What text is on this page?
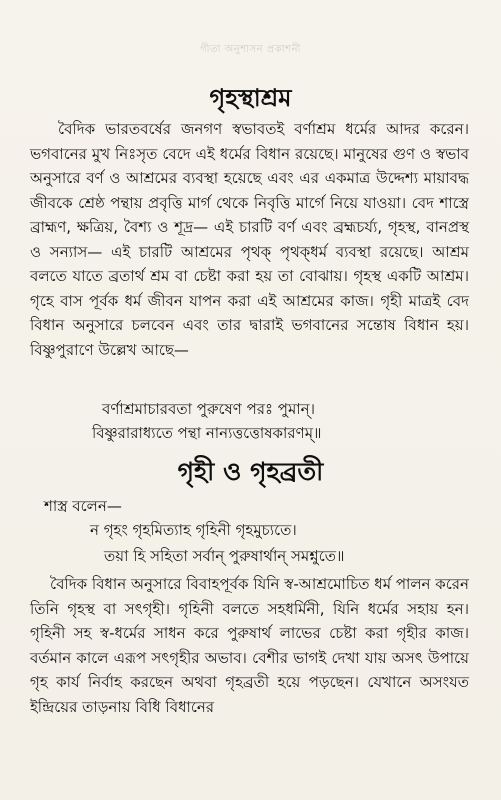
গীতা অনুশাসন প্রকাশনী
গৃহস্থাশ্রম

বৈদিক ভারতবর্ষের জনগণ স্বভাবতই বর্ণাশ্রম ধর্মের আদর করেন। ভগবানের মুখ নিঃসৃত বেদে এই ধর্মের বিধান রয়েছে। মানুষের গুণ ও স্বভাব অনুসারে বর্ণ ও আশ্রমের ব্যবস্থা হয়েছে এবং এর একমাত্র উদ্দেশ্য মায়াবদ্ধ জীবকে শ্রেষ্ঠ পন্থায় প্রবৃত্তি মার্গ থেকে নিবৃত্তি মার্গে নিয়ে যাওয়া। বেদ শাস্ত্রে ব্রাহ্মণ, ক্ষত্রিয়, বৈশ্য ও শূদ্র— এই চারটি বর্ণ এবং ব্রহ্মচর্য্য, গৃহস্থ, বানপ্রস্থ ও সন্যাস— এই চারটি আশ্রমের পৃথক্ পৃথক্ধর্ম ব্যবস্থা রয়েছে। আশ্রম বলতে যাতে ব্রতার্থ শ্রম বা চেষ্টা করা হয় তা বোঝায়। গৃহস্থ একটি আশ্রম। গৃহে বাস পূর্বক ধর্ম জীবন যাপন করা এই আশ্রমের কাজ। গৃহী মাত্রই বেদ বিধান অনুসারে চলবেন এবং তার দ্বারাই ভগবানের সন্তোষ বিধান হয়। বিষ্ণুপুরাণে উল্লেখ আছে—

বর্ণাশ্রমাচারবতা পুরুষেণ পরঃ পুমান্।
বিষ্ণুরারাধ্যতে পন্থা নান্যত্তত্তোষকারণম্॥
গৃহী ও গৃহব্রতী
শাস্ত্র বলেন—
ন গৃহং গৃহমিত্যাহ গৃহিনী গৃহমুচ্যতে।
তয়া হি সহিতা সর্বান্ পুরুষার্থান্ সমশ্নুতে॥

বৈদিক বিধান অনুসারে বিবাহপূর্বক যিনি স্ব-আশ্রমোচিত ধর্ম পালন করেন তিনি গৃহস্থ বা সৎগৃহী। গৃহিনী বলতে সহধর্মিনী, যিনি ধর্মের সহায় হন। গৃহিনী সহ স্ব-ধর্মের সাধন করে পুরুষার্থ লাভের চেষ্টা করা গৃহীর কাজ। বর্তমান কালে এরূপ সৎগৃহীর অভাব। বেশীর ভাগই দেখা যায় অসৎ উপায়ে গৃহ কার্য নির্বাহ করছেন অথবা গৃহব্রতী হয়ে পড়ছেন। যেখানে অসংযত ইন্দ্রিয়ের তাড়নায় বিধি বিধানের
